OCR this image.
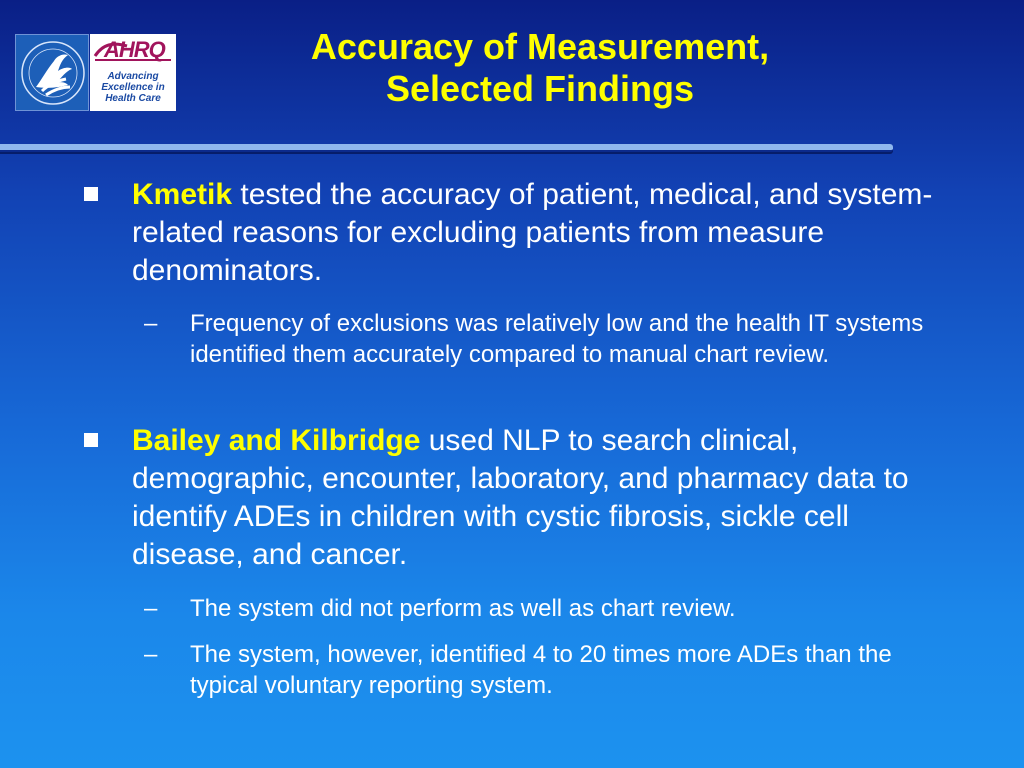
AHRQ
Advancing
Excellence in
Health Care
Accuracy of Measurement,
Selected Findings
Kmetik tested the accuracy of patient, medical, and system-related reasons for excluding patients from measure denominators.
– Frequency of exclusions was relatively low and the health IT systems identified them accurately compared to manual chart review.
Bailey and Kilbridge used NLP to search clinical, demographic, encounter, laboratory, and pharmacy data to identify ADEs in children with cystic fibrosis, sickle cell disease, and cancer.
– The system did not perform as well as chart review.
– The system, however, identified 4 to 20 times more ADEs than the typical voluntary reporting system.
